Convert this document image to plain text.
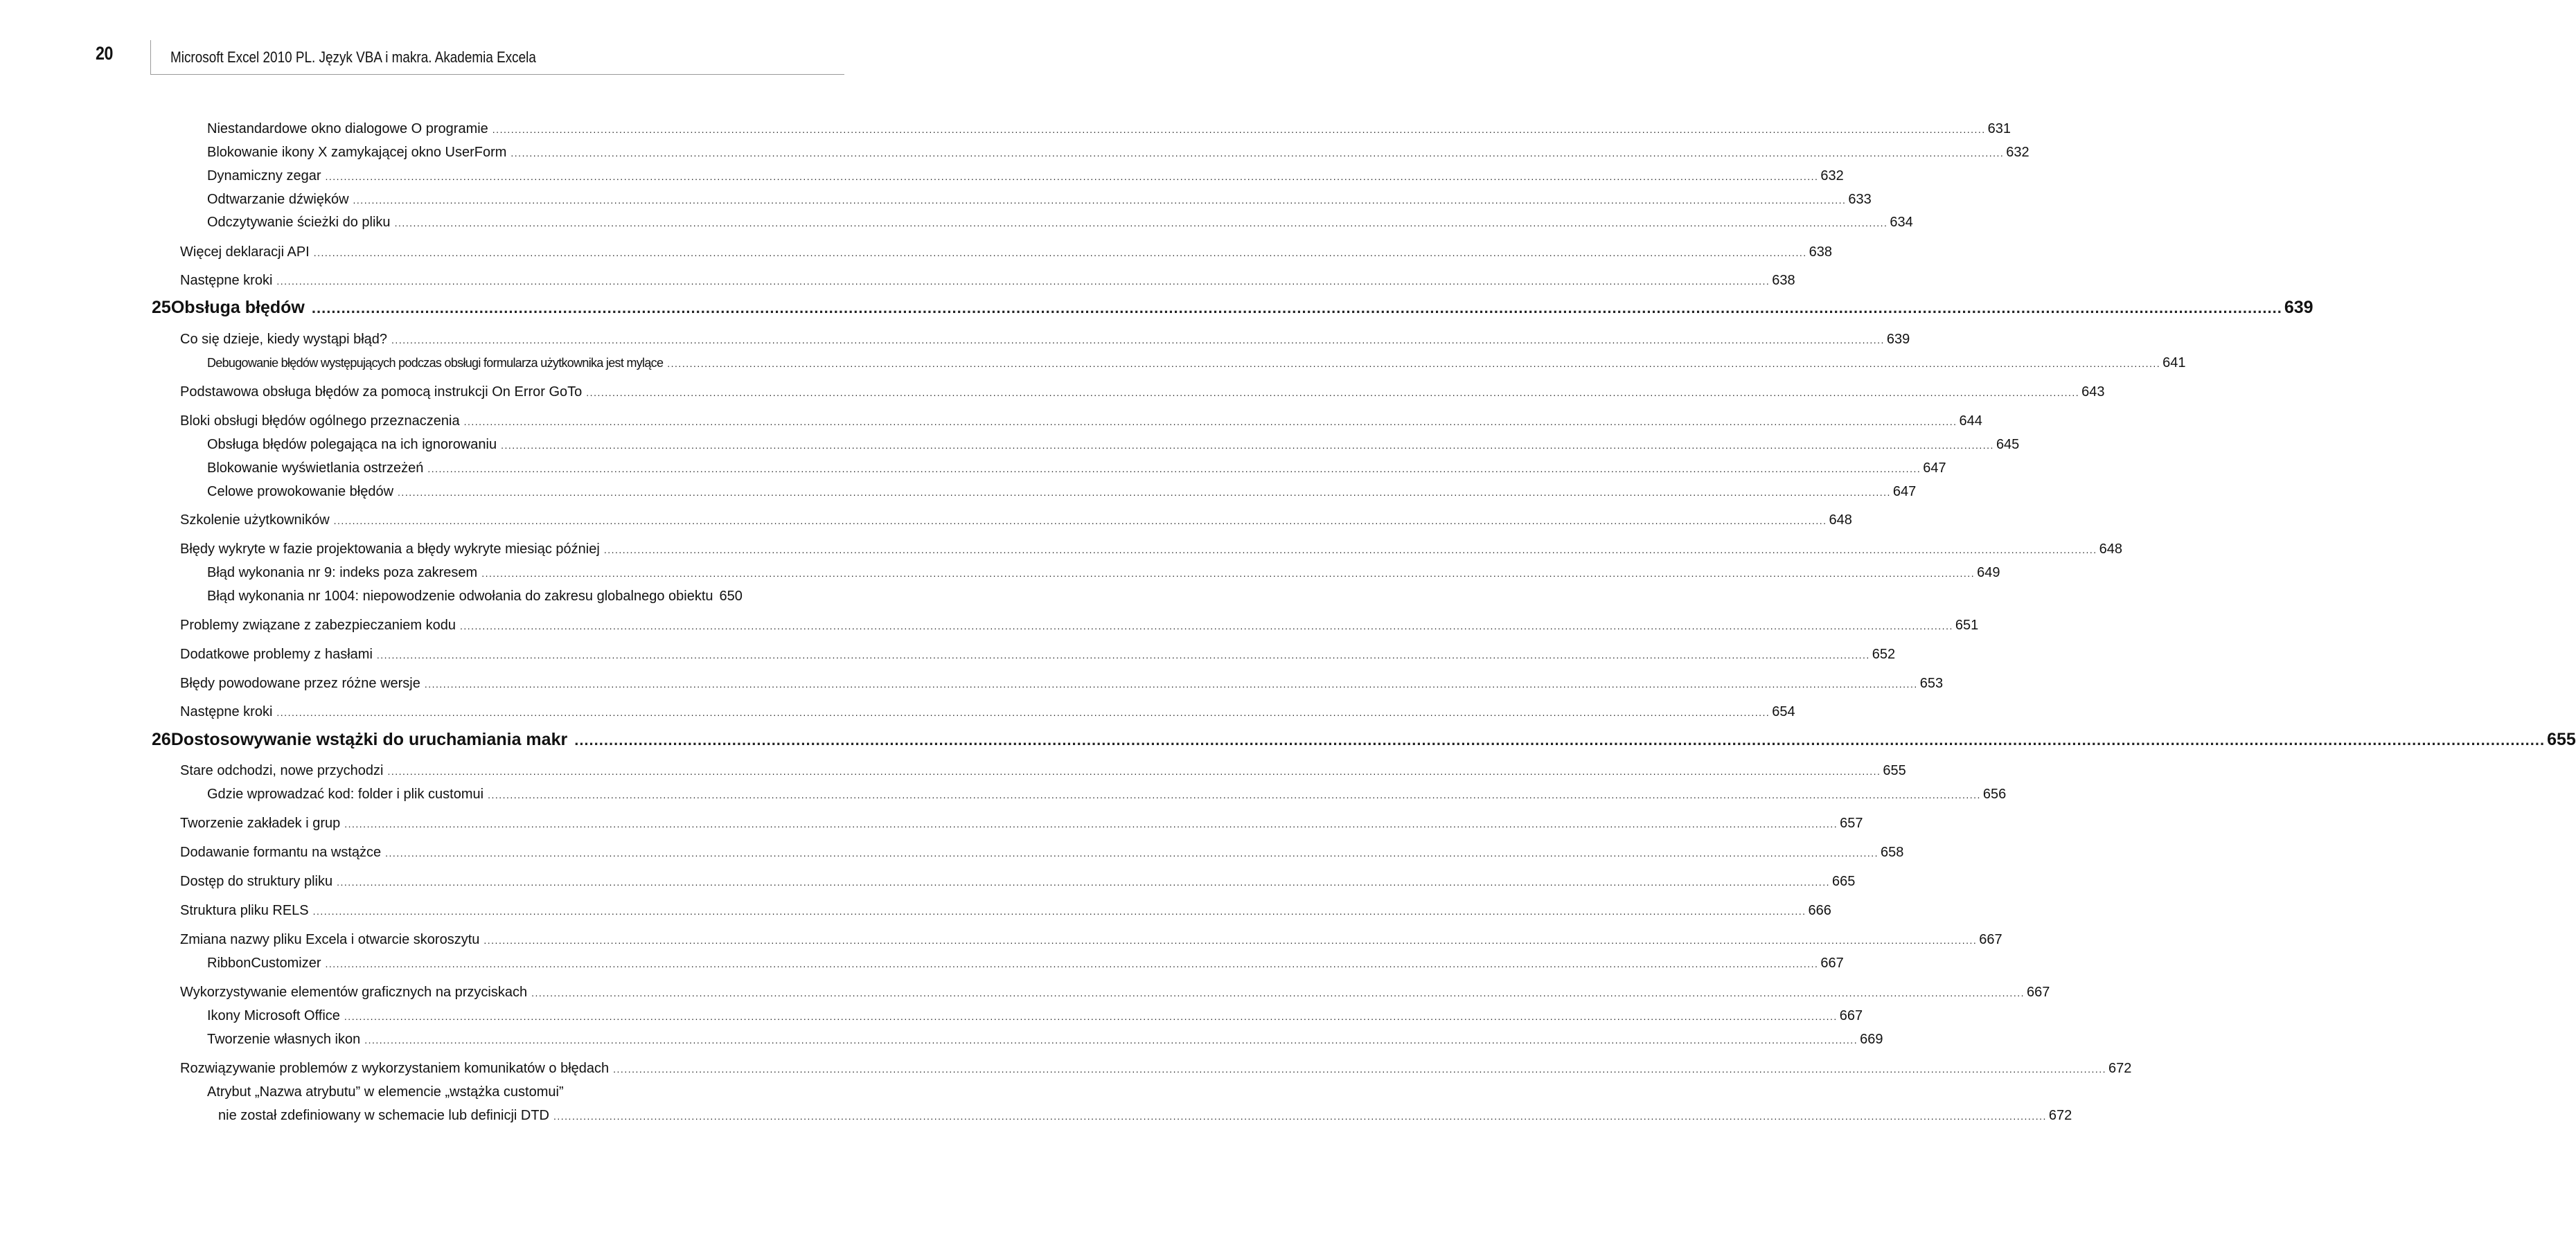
20	Microsoft Excel 2010 PL. Język VBA i makra. Akademia Excela
Niestandardowe okno dialogowe O programie ................................................................................................................................................................................................................................................................................................................................................................................................................ 631
Blokowanie ikony X zamykającej okno UserForm ................................................................................................................................................................................................................................................................................................................................................................................................................ 632
Dynamiczny zegar ................................................................................................................................................................................................................................................................................................................................................................................................................ 632
Odtwarzanie dźwięków ................................................................................................................................................................................................................................................................................................................................................................................................................ 633
Odczytywanie ścieżki do pliku ................................................................................................................................................................................................................................................................................................................................................................................................................ 634
Więcej deklaracji API ................................................................................................................................................................................................................................................................................................................................................................................................................ 638
Następne kroki ................................................................................................................................................................................................................................................................................................................................................................................................................ 638
25 Obsługa błędów ................................................................................................................................................................................................................................................................................................................................................................................................................ 639
Co się dzieje, kiedy wystąpi błąd? ................................................................................................................................................................................................................................................................................................................................................................................................................ 639
Debugowanie błędów występujących podczas obsługi formularza użytkownika jest mylące ................................................................................................................................................................................................................................................................................................................................................................................................................ 641
Podstawowa obsługa błędów za pomocą instrukcji On Error GoTo ................................................................................................................................................................................................................................................................................................................................................................................................................ 643
Bloki obsługi błędów ogólnego przeznaczenia ................................................................................................................................................................................................................................................................................................................................................................................................................ 644
Obsługa błędów polegająca na ich ignorowaniu ................................................................................................................................................................................................................................................................................................................................................................................................................ 645
Blokowanie wyświetlania ostrzeżeń ................................................................................................................................................................................................................................................................................................................................................................................................................ 647
Celowe prowokowanie błędów ................................................................................................................................................................................................................................................................................................................................................................................................................ 647
Szkolenie użytkowników ................................................................................................................................................................................................................................................................................................................................................................................................................ 648
Błędy wykryte w fazie projektowania a błędy wykryte miesiąc później ................................................................................................................................................................................................................................................................................................................................................................................................................ 648
Błąd wykonania nr 9: indeks poza zakresem ................................................................................................................................................................................................................................................................................................................................................................................................................ 649
Błąd wykonania nr 1004: niepowodzenie odwołania do zakresu globalnego obiektu 650
Problemy związane z zabezpieczaniem kodu ................................................................................................................................................................................................................................................................................................................................................................................................................ 651
Dodatkowe problemy z hasłami ................................................................................................................................................................................................................................................................................................................................................................................................................ 652
Błędy powodowane przez różne wersje ................................................................................................................................................................................................................................................................................................................................................................................................................ 653
Następne kroki ................................................................................................................................................................................................................................................................................................................................................................................................................ 654
26 Dostosowywanie wstążki do uruchamiania makr ................................................................................................................................................................................................................................................................................................................................................................................................................ 655
Stare odchodzi, nowe przychodzi ................................................................................................................................................................................................................................................................................................................................................................................................................ 655
Gdzie wprowadzać kod: folder i plik customui ................................................................................................................................................................................................................................................................................................................................................................................................................ 656
Tworzenie zakładek i grup ................................................................................................................................................................................................................................................................................................................................................................................................................ 657
Dodawanie formantu na wstążce ................................................................................................................................................................................................................................................................................................................................................................................................................ 658
Dostęp do struktury pliku ................................................................................................................................................................................................................................................................................................................................................................................................................ 665
Struktura pliku RELS ................................................................................................................................................................................................................................................................................................................................................................................................................ 666
Zmiana nazwy pliku Excela i otwarcie skoroszytu ................................................................................................................................................................................................................................................................................................................................................................................................................ 667
RibbonCustomizer ................................................................................................................................................................................................................................................................................................................................................................................................................ 667
Wykorzystywanie elementów graficznych na przyciskach ................................................................................................................................................................................................................................................................................................................................................................................................................ 667
Ikony Microsoft Office ................................................................................................................................................................................................................................................................................................................................................................................................................ 667
Tworzenie własnych ikon ................................................................................................................................................................................................................................................................................................................................................................................................................ 669
Rozwiązywanie problemów z wykorzystaniem komunikatów o błędach ................................................................................................................................................................................................................................................................................................................................................................................................................ 672
Atrybut „Nazwa atrybutu” w elemencie „wstążka customui”
nie został zdefiniowany w schemacie lub definicji DTD ................................................................................................................................................................................................................................................................................................................................................................................................................ 672
